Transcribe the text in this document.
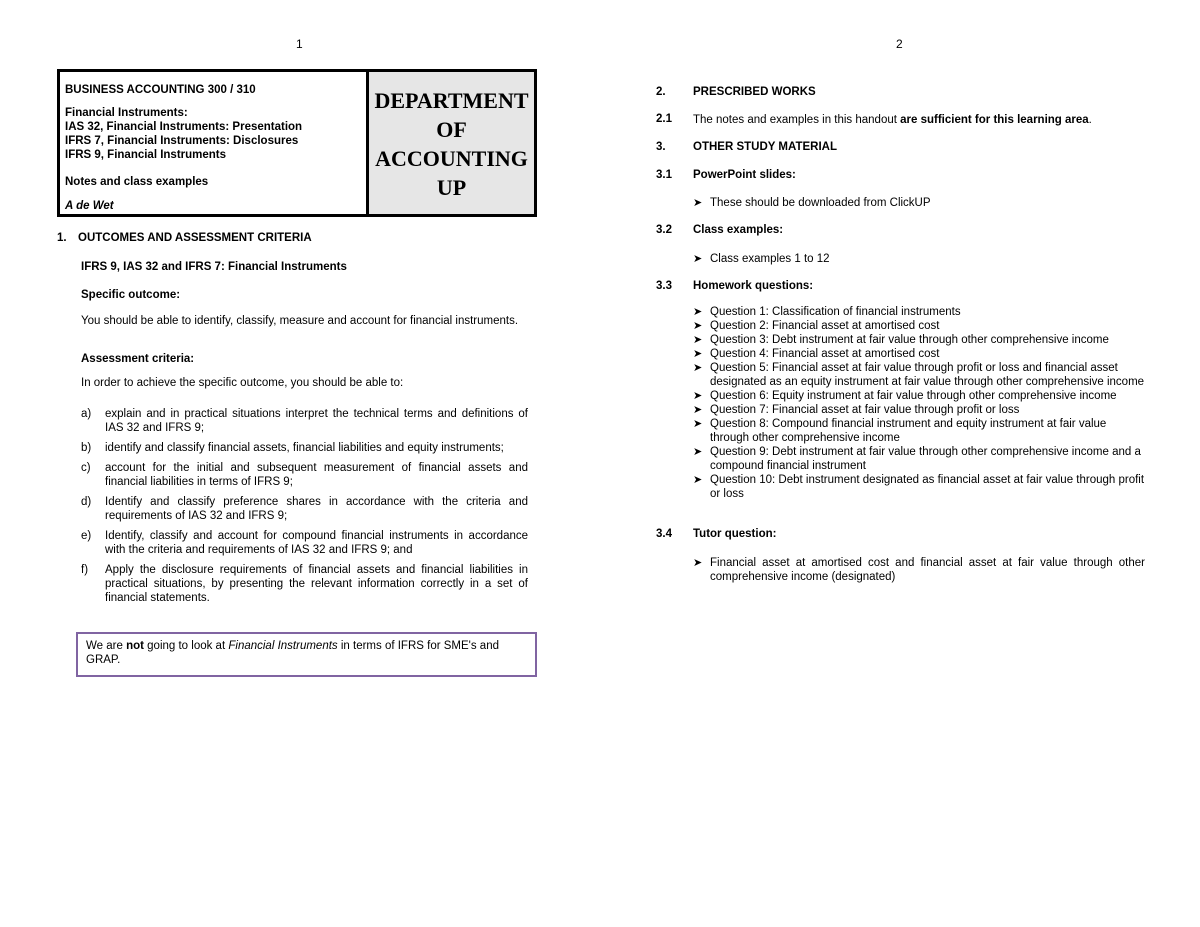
1	2
BUSINESS ACCOUNTING 300 / 310
Financial Instruments:
IAS 32, Financial Instruments: Presentation
IFRS 7, Financial Instruments: Disclosures
IFRS 9, Financial Instruments
Notes and class examples
A de Wet
DEPARTMENT
OF
ACCOUNTING
UP
1. OUTCOMES AND ASSESSMENT CRITERIA
IFRS 9, IAS 32 and IFRS 7: Financial Instruments
Specific outcome:
You should be able to identify, classify, measure and account for financial instruments.
Assessment criteria:
In order to achieve the specific outcome, you should be able to:
a) explain and in practical situations interpret the technical terms and definitions of IAS 32 and IFRS 9;
b) identify and classify financial assets, financial liabilities and equity instruments;
c) account for the initial and subsequent measurement of financial assets and financial liabilities in terms of IFRS 9;
d) Identify and classify preference shares in accordance with the criteria and requirements of IAS 32 and IFRS 9;
e) Identify, classify and account for compound financial instruments in accordance with the criteria and requirements of IAS 32 and IFRS 9; and
f) Apply the disclosure requirements of financial assets and financial liabilities in practical situations, by presenting the relevant information correctly in a set of financial statements.
We are not going to look at Financial Instruments in terms of IFRS for SME's and GRAP.
2. PRESCRIBED WORKS
2.1 The notes and examples in this handout are sufficient for this learning area.
3. OTHER STUDY MATERIAL
3.1 PowerPoint slides:
➤ These should be downloaded from ClickUP
3.2 Class examples:
➤ Class examples 1 to 12
3.3 Homework questions:
➤ Question 1: Classification of financial instruments
➤ Question 2: Financial asset at amortised cost
➤ Question 3: Debt instrument at fair value through other comprehensive income
➤ Question 4: Financial asset at amortised cost
➤ Question 5: Financial asset at fair value through profit or loss and financial asset designated as an equity instrument at fair value through other comprehensive income
➤ Question 6: Equity instrument at fair value through other comprehensive income
➤ Question 7: Financial asset at fair value through profit or loss
➤ Question 8: Compound financial instrument and equity instrument at fair value through other comprehensive income
➤ Question 9: Debt instrument at fair value through other comprehensive income and a compound financial instrument
➤ Question 10: Debt instrument designated as financial asset at fair value through profit or loss
3.4 Tutor question:
➤ Financial asset at amortised cost and financial asset at fair value through other comprehensive income (designated)
